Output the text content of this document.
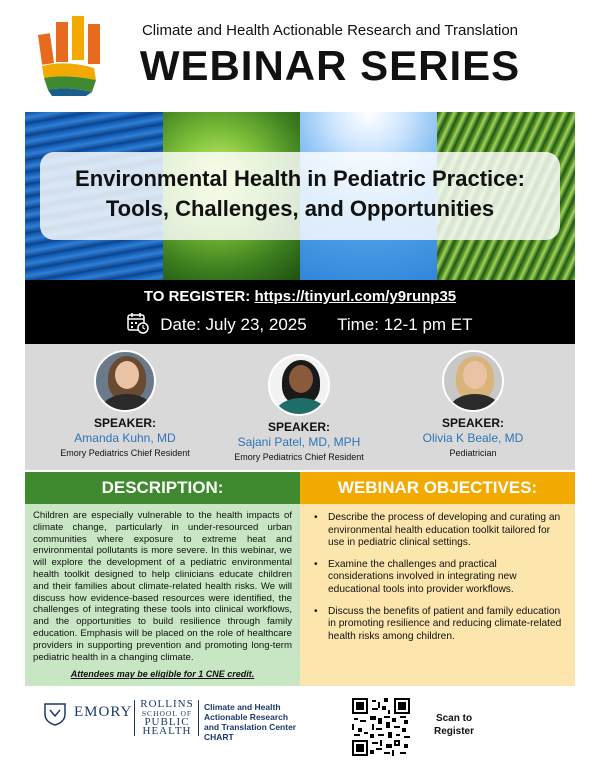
Climate and Health Actionable Research and Translation
WEBINAR SERIES
Environmental Health in Pediatric Practice:
Tools, Challenges, and Opportunities
TO REGISTER: https://tinyurl.com/y9runp35
Date: July 23, 2025 Time: 12-1 pm ET
SPEAKER:
Amanda Kuhn, MD
Emory Pediatrics Chief Resident
SPEAKER:
Sajani Patel, MD, MPH
Emory Pediatrics Chief Resident
SPEAKER:
Olivia K Beale, MD
Pediatrician
DESCRIPTION:
Children are especially vulnerable to the health impacts of climate change, particularly in under-resourced urban communities where exposure to extreme heat and environmental pollutants is more severe. In this webinar, we will explore the development of a pediatric environmental health toolkit designed to help clinicians educate children and their families about climate-related health risks. We will discuss how evidence-based resources were identified, the challenges of integrating these tools into clinical workflows, and the opportunities to build resilience through family education. Emphasis will be placed on the role of healthcare providers in supporting prevention and promoting long-term pediatric health in a changing climate.
Attendees may be eligible for 1 CNE credit.
WEBINAR OBJECTIVES:
• Describe the process of developing and curating an environmental health education toolkit tailored for use in pediatric clinical settings.
• Examine the challenges and practical considerations involved in integrating new educational tools into provider workflows.
• Discuss the benefits of patient and family education in promoting resilience and reducing climate-related health risks among children.
EMORY ROLLINS
SCHOOL OF
PUBLIC
HEALTH
Climate and Health
Actionable Research
and Translation Center
CHART
Scan to
Register
